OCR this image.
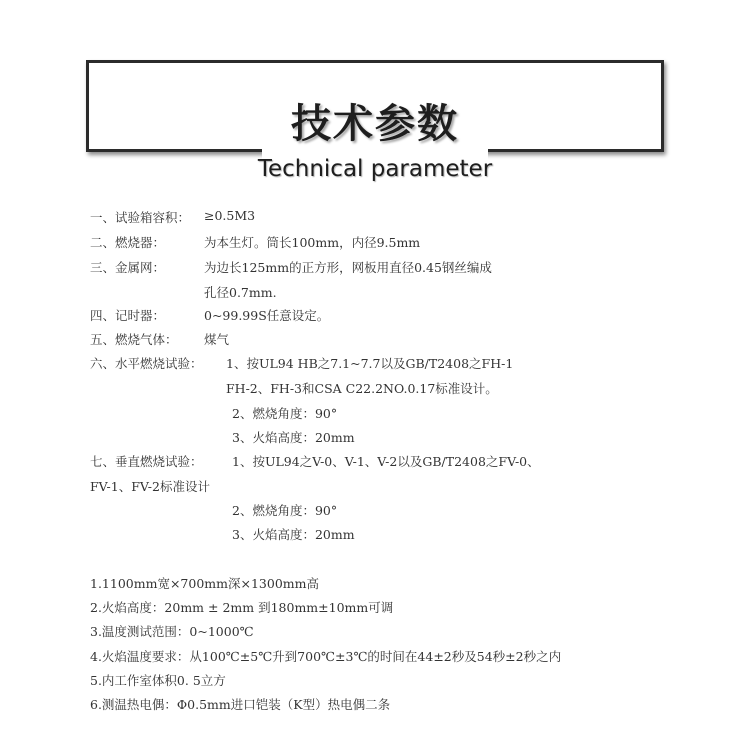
技术参数
Technical parameter
一、试验箱容积： ≥0.5M3
二、燃烧器：	为本生灯。筒长100mm，内径9.5mm
三、金属网：	为边长125mm的正方形，网板用直径0.45钢丝编成
孔径0.7mm.
四、记时器：	0~99.99S任意设定。
五、燃烧气体： 煤气
六、水平燃烧试验： 1、按UL94 HB之7.1~7.7以及GB/T2408之FH-1
FH-2、FH-3和CSA C22.2NO.0.17标准设计。
2、燃烧角度：90°
3、火焰高度：20mm
七、垂直燃烧试验： 1、按UL94之V-0、V-1、V-2以及GB/T2408之FV-0、
FV-1、FV-2标准设计
2、燃烧角度：90°
3、火焰高度：20mm
1.1100mm宽×700mm深×1300mm高
2.火焰高度：20mm ± 2mm 到180mm±10mm可调
3.温度测试范围：0~1000℃
4.火焰温度要求：从100℃±5℃升到700℃±3℃的时间在44±2秒及54秒±2秒之内
5.内工作室体积0. 5立方
6.测温热电偶：Φ0.5mm进口铠装（K型）热电偶二条
